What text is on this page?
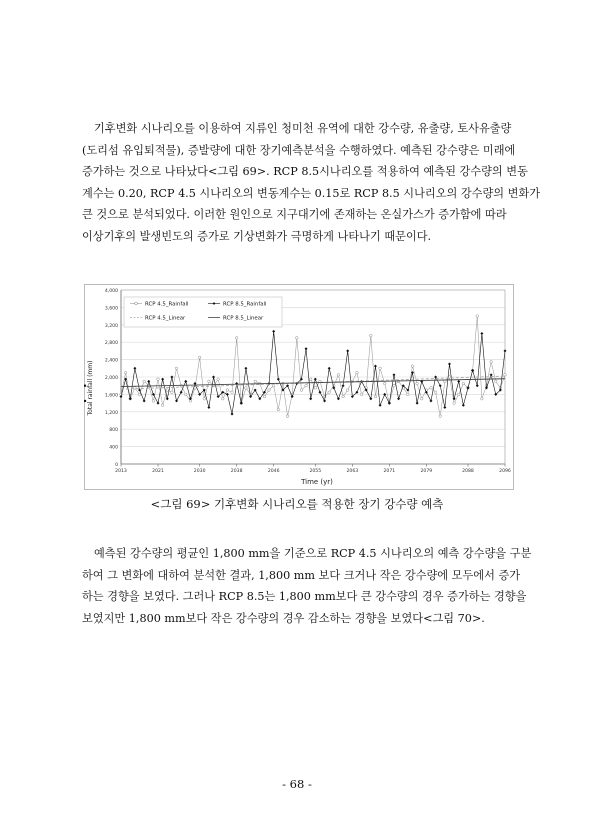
기후변화 시나리오를 이용하여 지류인 청미천 유역에 대한 강수량, 유출량, 토사유출량
(도리섬 유입퇴적물), 증발량에 대한 장기예측분석을 수행하였다. 예측된 강수량은 미래에
증가하는 것으로 나타났다<그림 69>. RCP 8.5시나리오를 적용하여 예측된 강수량의 변동
계수는 0.20, RCP 4.5 시나리오의 변동계수는 0.15로 RCP 8.5 시나리오의 강수량의 변화가
큰 것으로 분석되었다. 이러한 원인으로 지구대기에 존재하는 온실가스가 증가함에 따라
이상기후의 발생빈도의 증가로 기상변화가 극명하게 나타나기 때문이다.
0
400
800
1,200
1,600
2,000
2,400
2,800
3,200
3,600
4,000
2013	2021	2030	2038	2046	2055	2063	2071	2079	2088	2096
RCP 4.5_Rainfall	RCP 8.5_Rainfall
RCP 4.5_Linear	RCP 8.5_Linear
Time (yr)
Total rainfall (mm)
<그림 69> 기후변화 시나리오를 적용한 장기 강수량 예측
예측된 강수량의 평균인 1,800 mm을 기준으로 RCP 4.5 시나리오의 예측 강수량을 구분
하여 그 변화에 대하여 분석한 결과, 1,800 mm 보다 크거나 작은 강수량에 모두에서 증가
하는 경향을 보였다. 그러나 RCP 8.5는 1,800 mm보다 큰 강수량의 경우 증가하는 경향을
보였지만 1,800 mm보다 작은 강수량의 경우 감소하는 경향을 보였다<그림 70>.
- 68 -
